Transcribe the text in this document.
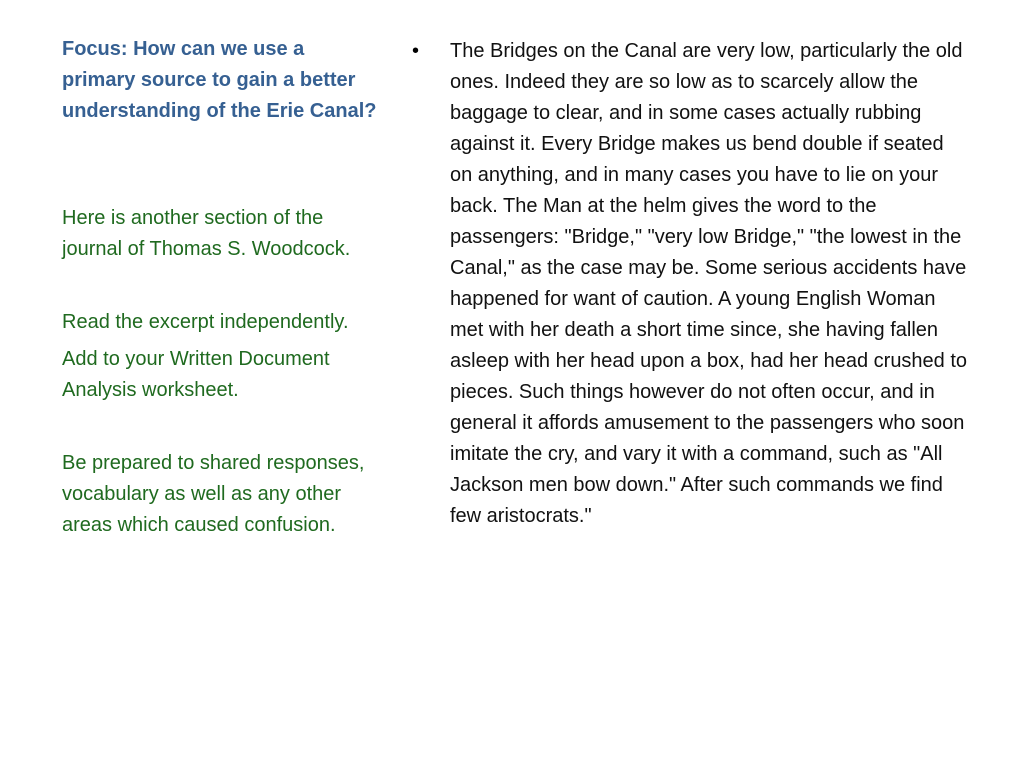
Focus: How can we use a primary source to gain a better understanding of the Erie Canal?

Here is another section of the journal of Thomas S. Woodcock.

Read the excerpt independently.

Add to your Written Document Analysis worksheet.

Be prepared to shared responses, vocabulary as well as any other areas which caused confusion.

•	The Bridges on the Canal are very low, particularly the old ones. Indeed they are so low as to scarcely allow the baggage to clear, and in some cases actually rubbing against it. Every Bridge makes us bend double if seated on anything, and in many cases you have to lie on your back. The Man at the helm gives the word to the passengers: "Bridge," "very low Bridge," "the lowest in the Canal," as the case may be. Some serious accidents have happened for want of caution. A young English Woman met with her death a short time since, she having fallen asleep with her head upon a box, had her head crushed to pieces. Such things however do not often occur, and in general it affords amusement to the passengers who soon imitate the cry, and vary it with a command, such as "All Jackson men bow down." After such commands we find few aristocrats."
